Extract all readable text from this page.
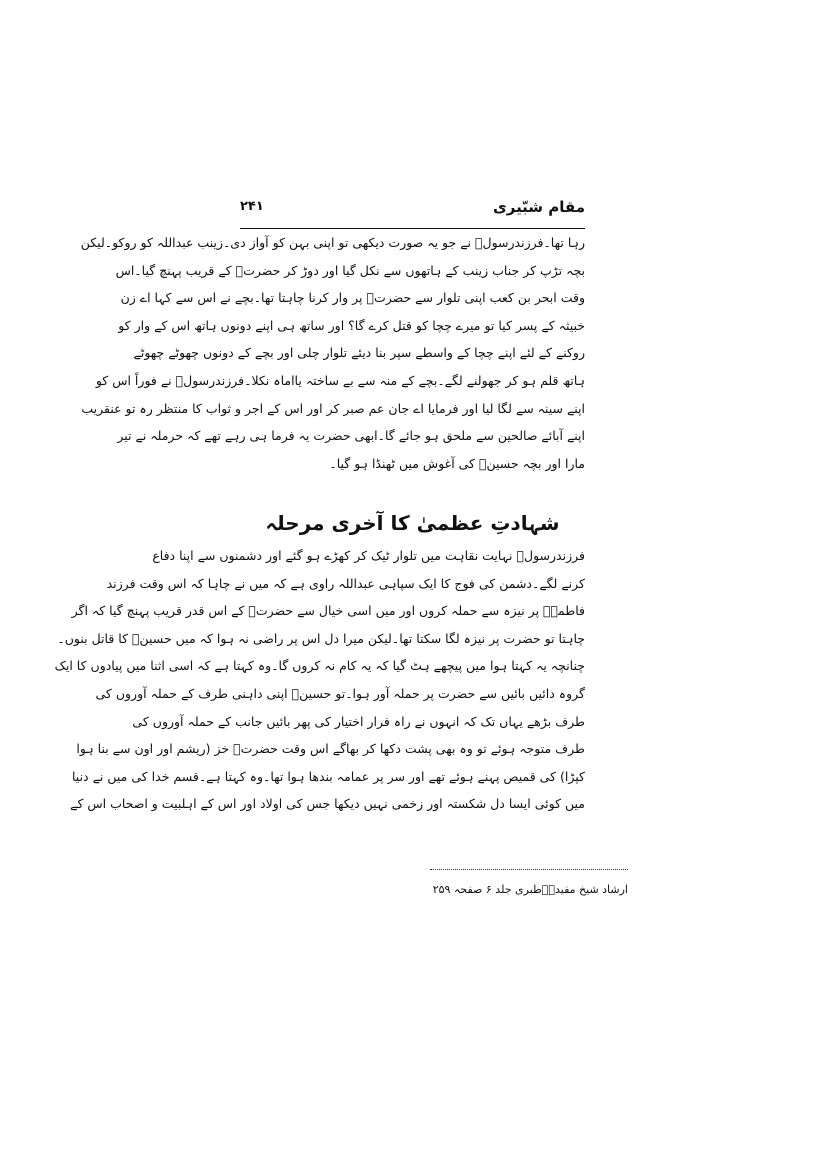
مقام شبّیری
۲۴۱
رہا تھا۔فرزندرسولؐ نے جو یہ صورت دیکھی تو اپنی بہن کو آواز دی۔زینب عبداللہ کو روکو۔لیکن
بچہ تڑپ کر جناب زینب کے ہاتھوں سے نکل گیا اور دوڑ کر حضرتؑ کے قریب پہنچ گیا۔اس
وقت ابحر بن کعب اپنی تلوار سے حضرتؑ پر وار کرنا چاہتا تھا۔بچے نے اس سے کہا اے زن
خبیثہ کے پسر کیا تو میرے چچا کو قتل کرے گا؟ اور ساتھ ہی اپنے دونوں ہاتھ اس کے وار کو
روکنے کے لئے اپنے چچا کے واسطے سپر بنا دیئے تلوار چلی اور بچے کے دونوں چھوٹے چھوٹے
ہاتھ قلم ہو کر جھولنے لگے۔بچے کے منہ سے بے ساختہ یااماہ نکلا۔فرزندرسولؐ نے فوراً اس کو
اپنے سینہ سے لگا لیا اور فرمایا اے جان عم صبر کر اور اس کے اجر و ثواب کا منتظر رہ تو عنقریب
اپنے آبائے صالحین سے ملحق ہو جائے گا۔ابھی حضرت یہ فرما ہی رہے تھے کہ حرملہ نے تیر
مارا اور بچہ حسینؑ کی آغوش میں ٹھنڈا ہو گیا۔
شہادتِ عظمیٰ کا آخری مرحلہ
فرزندرسولؐ نہایت نقاہت میں تلوار ٹیک کر کھڑے ہو گئے اور دشمنوں سے اپنا دفاع
کرنے لگے۔دشمن کی فوج کا ایک سپاہی عبداللہ راوی ہے کہ میں نے چاہا کہ اس وقت فرزند
فاطمہؑ پر نیزہ سے حملہ کروں اور میں اسی خیال سے حضرتؑ کے اس قدر قریب پہنچ گیا کہ اگر
چاہتا تو حضرت پر نیزہ لگا سکتا تھا۔لیکن میرا دل اس پر راضی نہ ہوا کہ میں حسینؑ کا قاتل بنوں۔
چنانچہ یہ کہتا ہوا میں پیچھے ہٹ گیا کہ یہ کام نہ کروں گا۔وہ کہتا ہے کہ اسی اثنا میں پیادوں کا ایک
گروہ دائیں بائیں سے حضرت پر حملہ آور ہوا۔تو حسینؑ اپنی داہنی طرف کے حملہ آوروں کی
طرف بڑھے یہاں تک کہ انہوں نے راہ فرار اختیار کی پھر بائیں جانب کے حملہ آوروں کی
طرف متوجہ ہوئے تو وہ بھی پشت دکھا کر بھاگے اس وقت حضرتؑ خز (ریشم اور اون سے بنا ہوا
کپڑا) کی قمیص پہنے ہوئے تھے اور سر پر عمامہ بندھا ہوا تھا۔وہ کہتا ہے۔قسم خدا کی میں نے دنیا
میں کوئی ایسا دل شکستہ اور زخمی نہیں دیکھا جس کی اولاد اور اس کے اہلبیت و اصحاب اس کے
ارشاد شیخ مفیدؒ۔طبری جلد ۶ صفحہ ۲۵۹
